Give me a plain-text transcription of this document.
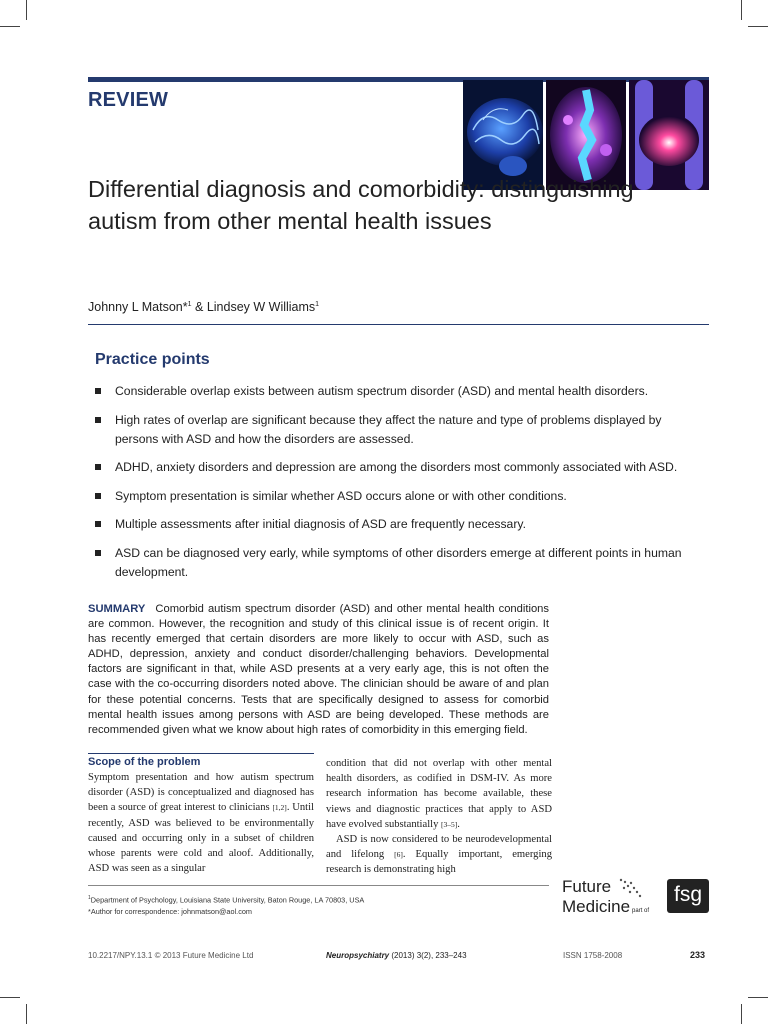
REVIEW
Differential diagnosis and comorbidity: distinguishing autism from other mental health issues
Johnny L Matson*$^1$ & Lindsey W Williams$^1$
Practice points
Considerable overlap exists between autism spectrum disorder (ASD) and mental health disorders.
High rates of overlap are significant because they affect the nature and type of problems displayed by persons with ASD and how the disorders are assessed.
ADHD, anxiety disorders and depression are among the disorders most commonly associated with ASD.
Symptom presentation is similar whether ASD occurs alone or with other conditions.
Multiple assessments after initial diagnosis of ASD are frequently necessary.
ASD can be diagnosed very early, while symptoms of other disorders emerge at different points in human development.
SUMMARY Comorbid autism spectrum disorder (ASD) and other mental health conditions are common. However, the recognition and study of this clinical issue is of recent origin. It has recently emerged that certain disorders are more likely to occur with ASD, such as ADHD, depression, anxiety and conduct disorder/challenging behaviors. Developmental factors are significant in that, while ASD presents at a very early age, this is not often the case with the co-occurring disorders noted above. The clinician should be aware of and plan for these potential concerns. Tests that are specifically designed to assess for comorbid mental health issues among persons with ASD are being developed. These methods are recommended given what we know about high rates of comorbidity in this emerging field.
Scope of the problem
Symptom presentation and how autism spectrum disorder (ASD) is conceptualized and diagnosed has been a source of great interest to clinicians [1,2]. Until recently, ASD was believed to be environmentally caused and occurring only in a subset of children whose parents were cold and aloof. Additionally, ASD was seen as a singular
condition that did not overlap with other mental health disorders, as codified in DSM-IV. As more research information has become available, these views and diagnostic practices that apply to ASD have evolved substantially [3–5].
ASD is now considered to be neurodevelopmental and lifelong [6]. Equally important, emerging research is demonstrating high
$^1$Department of Psychology, Louisiana State University, Baton Rouge, LA 70803, USA
*Author for correspondence: johnmatson@aol.com
Future
Medicine part of
fsg
10.2217/NPY.13.1 © 2013 Future Medicine Ltd	Neuropsychiatry (2013) 3(2), 233–243	ISSN 1758-2008	233
